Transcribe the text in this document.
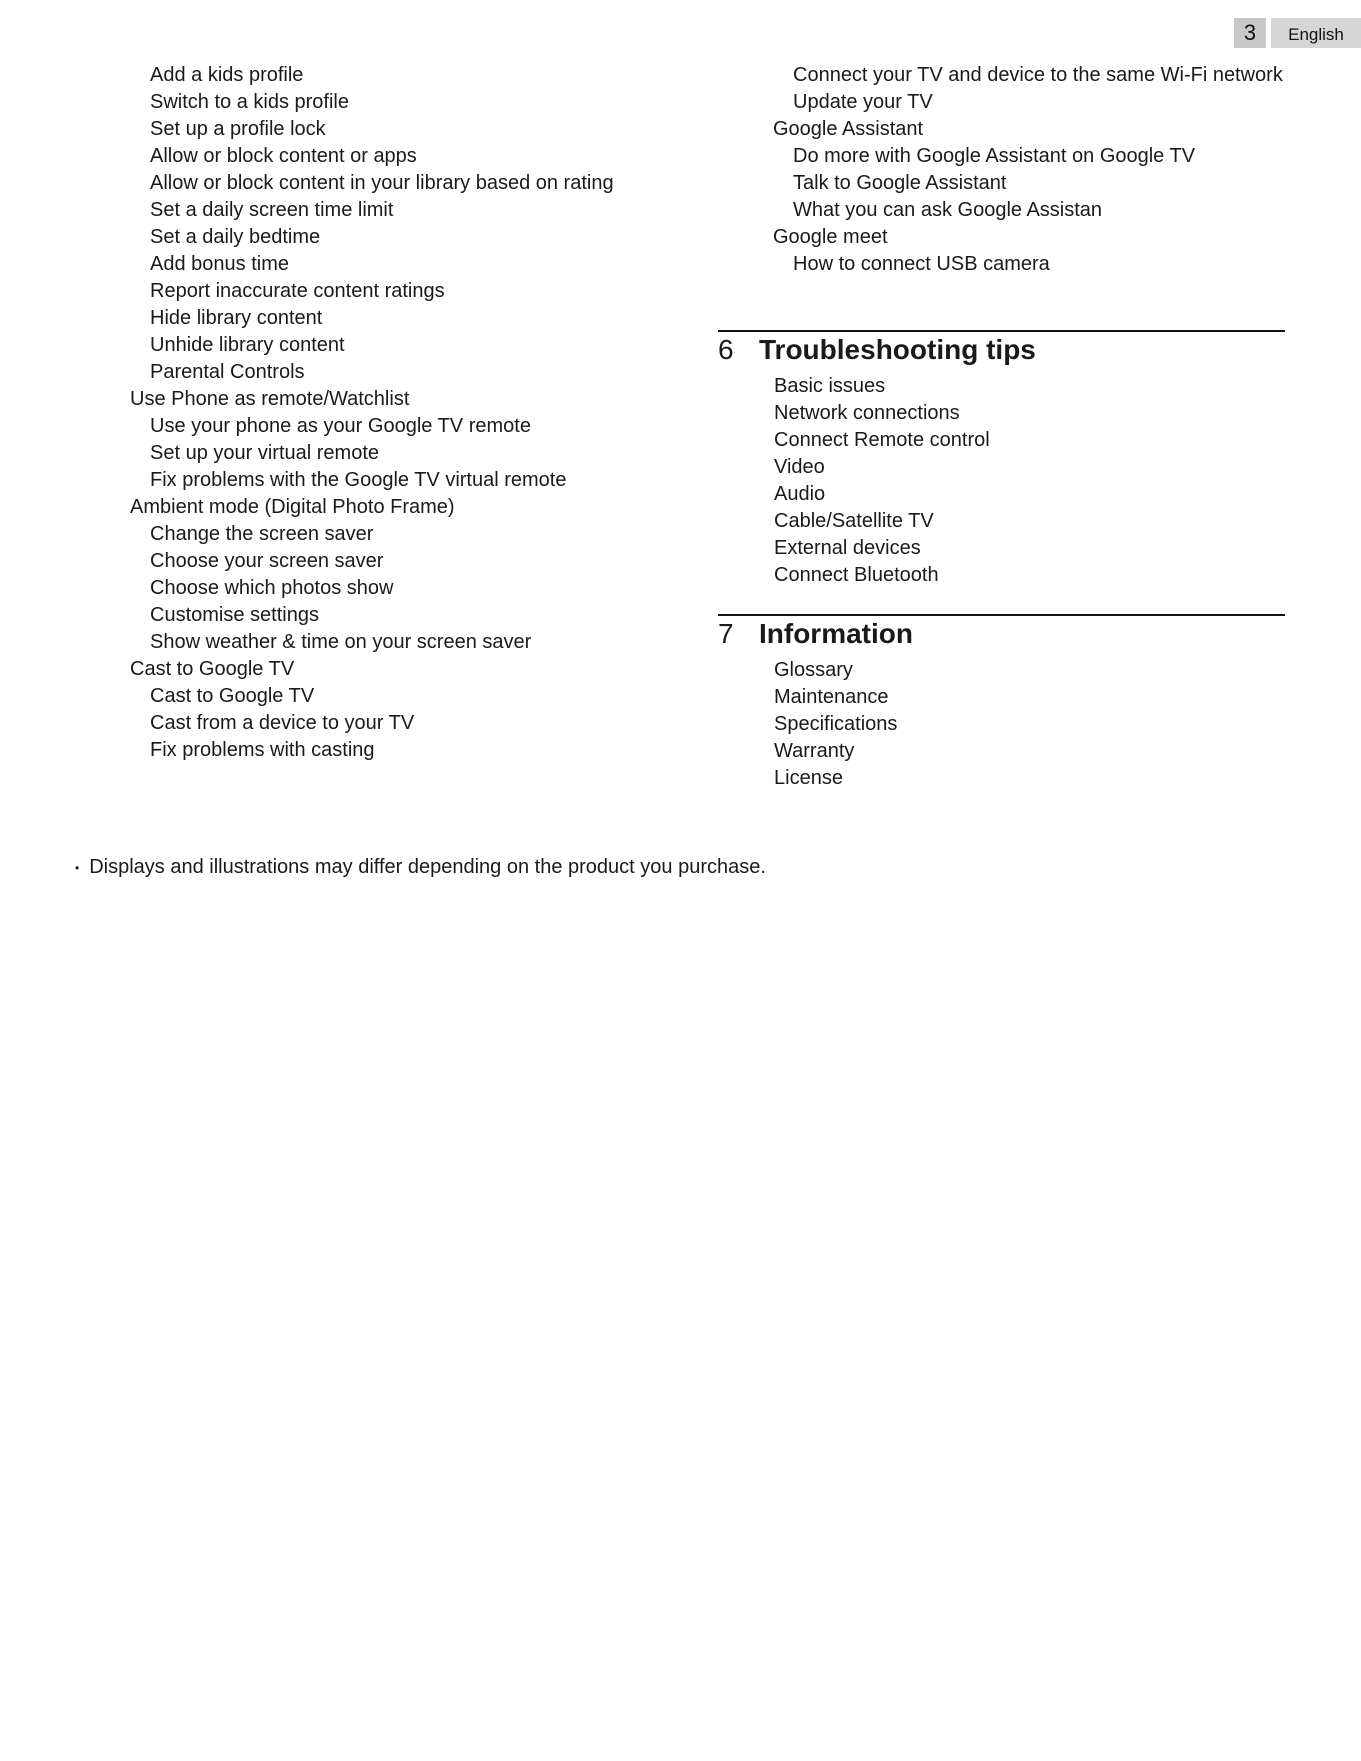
3	English
Add a kids profile
Switch to a kids profile
Set up a profile lock
Allow or block content or apps
Allow or block content in your library based on rating
Set a daily screen time limit
Set a daily bedtime
Add bonus time
Report inaccurate content ratings
Hide library content
Unhide library content
Parental Controls
Use Phone as remote/Watchlist
Use your phone as your Google TV remote
Set up your virtual remote
Fix problems with the Google TV virtual remote
Ambient mode (Digital Photo Frame)
Change the screen saver
Choose your screen saver
Choose which photos show
Customise settings
Show weather & time on your screen saver
Cast to Google TV
Cast to Google TV
Cast from a device to your TV
Fix problems with casting
Connect your TV and device to the same Wi-Fi network
Update your TV
Google Assistant
Do more with Google Assistant on Google TV
Talk to Google Assistant
What you can ask Google Assistan
Google meet
How to connect USB camera
6 Troubleshooting tips
Basic issues
Network connections
Connect Remote control
Video
Audio
Cable/Satellite TV
External devices
Connect Bluetooth
7 Information
Glossary
Maintenance
Specifications
Warranty
License
• Displays and illustrations may differ depending on the product you purchase.
